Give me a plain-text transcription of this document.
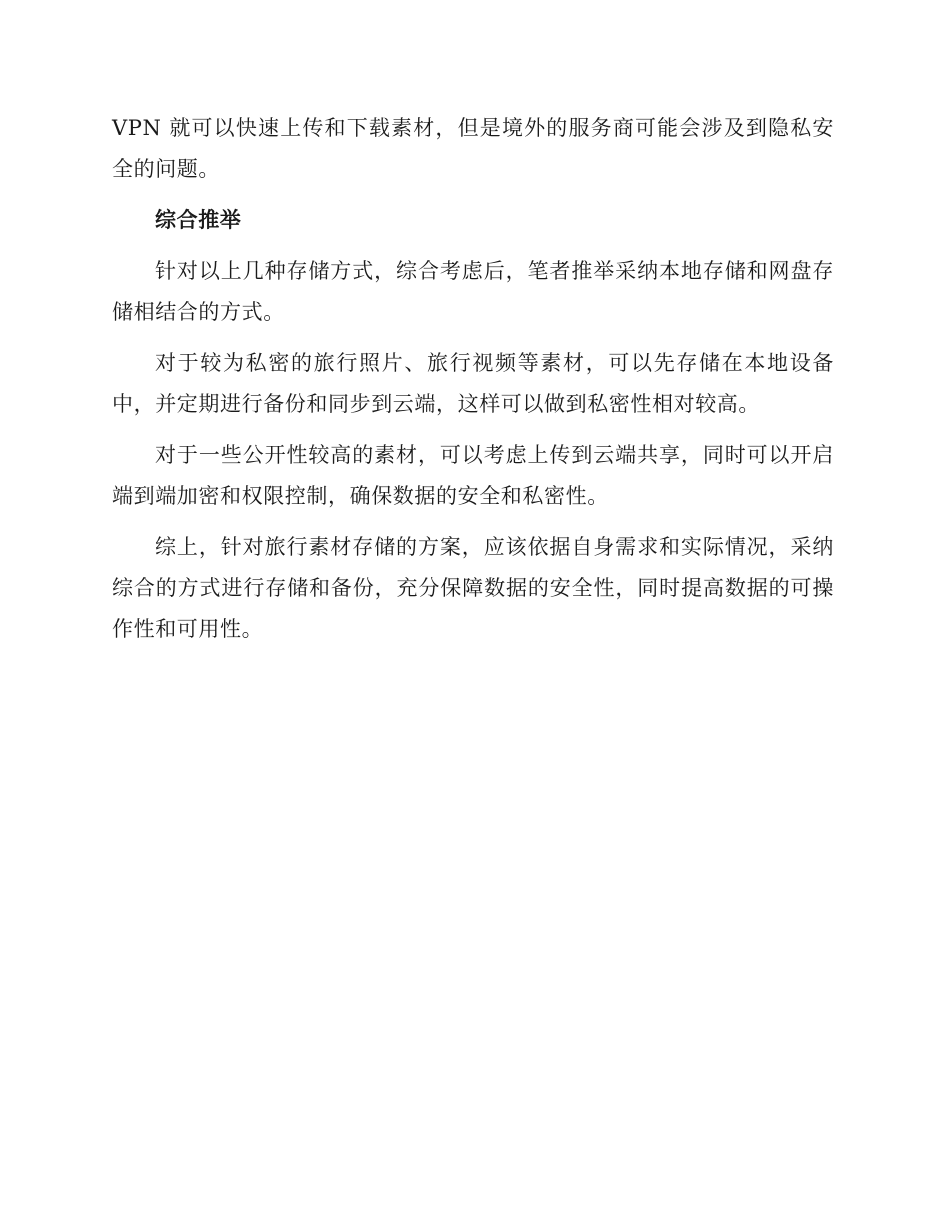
VPN 就可以快速上传和下载素材，但是境外的服务商可能会涉及到隐私安全的问题。

综合推举

针对以上几种存储方式，综合考虑后，笔者推举采纳本地存储和网盘存储相结合的方式。

对于较为私密的旅行照片、旅行视频等素材，可以先存储在本地设备中，并定期进行备份和同步到云端，这样可以做到私密性相对较高。

对于一些公开性较高的素材，可以考虑上传到云端共享，同时可以开启端到端加密和权限控制，确保数据的安全和私密性。

综上，针对旅行素材存储的方案，应该依据自身需求和实际情况，采纳综合的方式进行存储和备份，充分保障数据的安全性，同时提高数据的可操作性和可用性。
